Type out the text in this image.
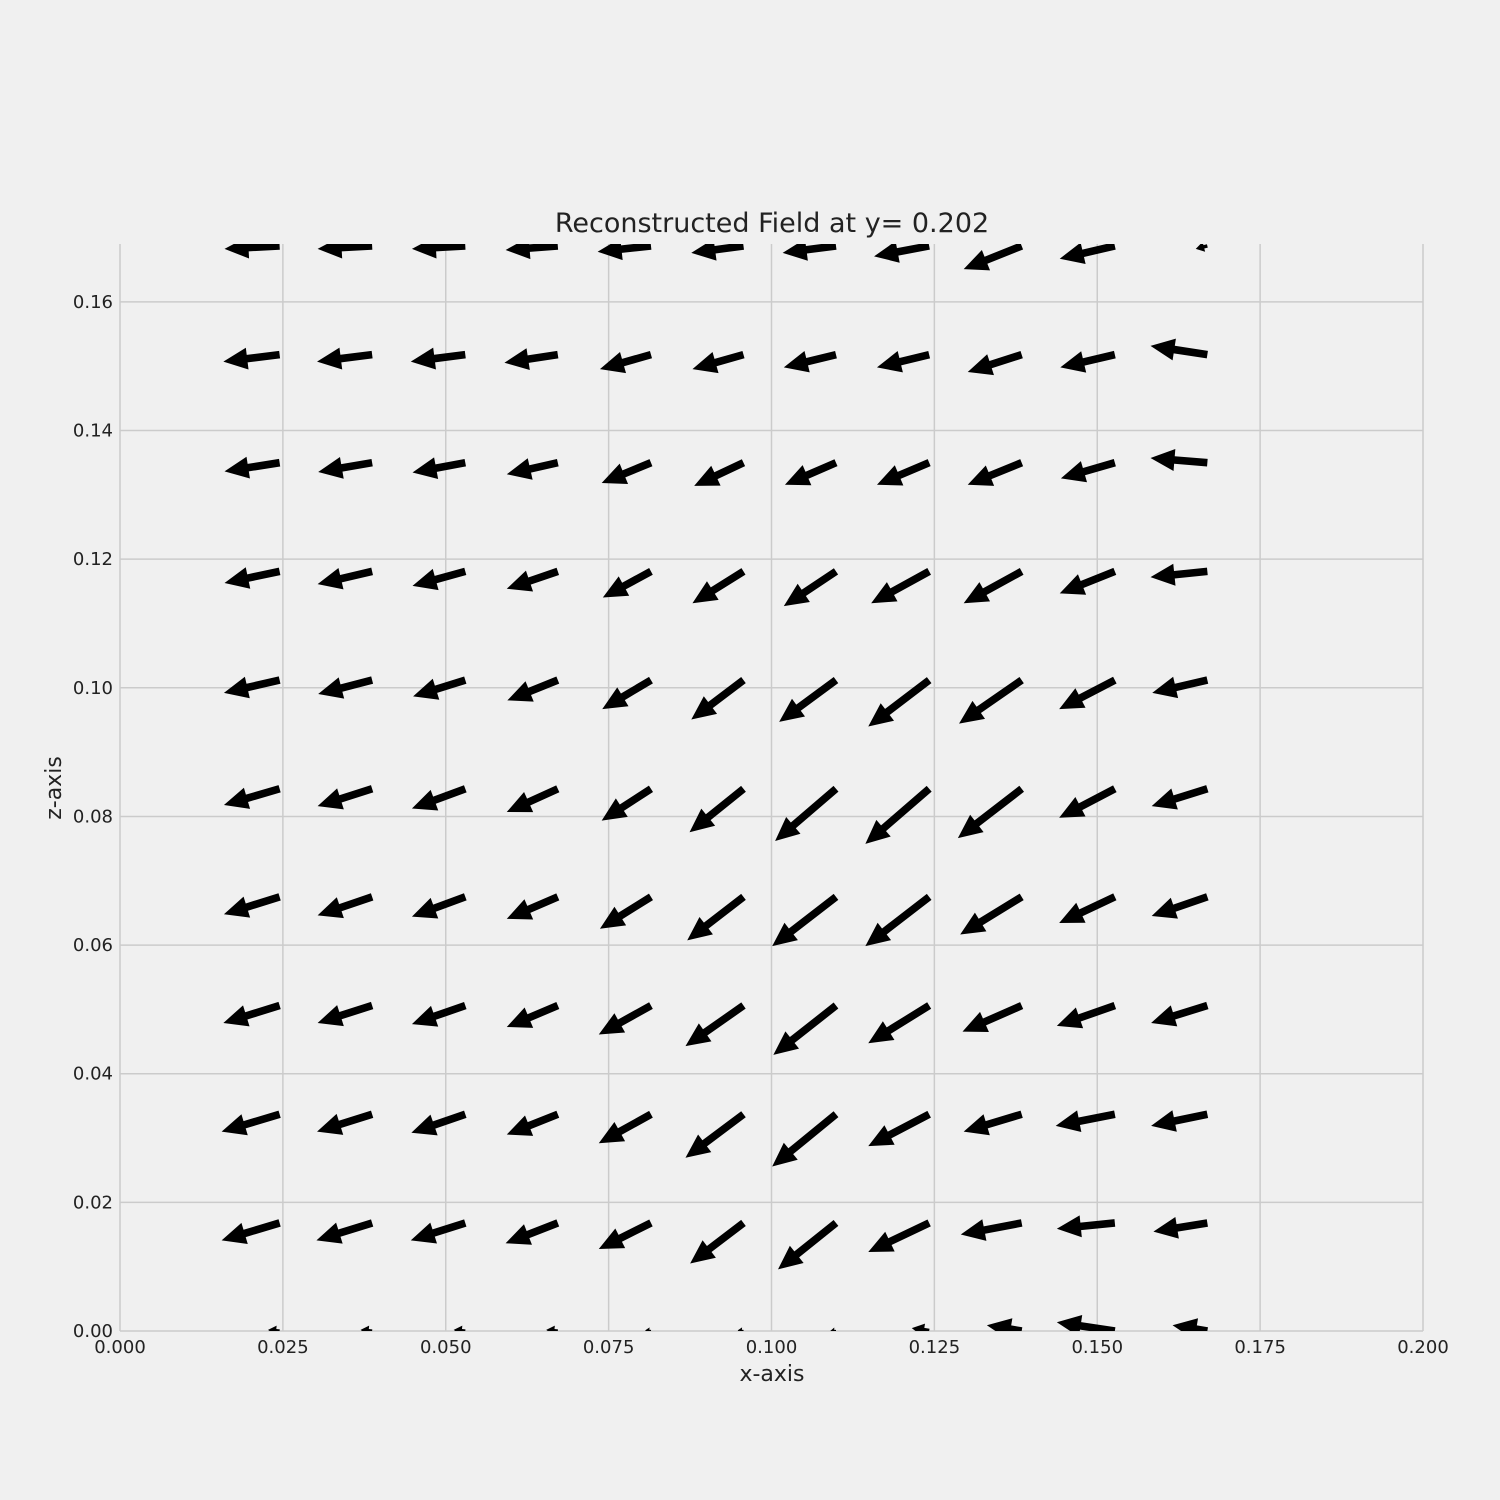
0.000	0.025	0.050	0.075	0.100	0.125	0.150	0.175	0.200
0.00
0.02
0.04
0.06
0.08
0.10
0.12
0.14
0.16
Reconstructed Field at y= 0.202
x-axis
z-axis
